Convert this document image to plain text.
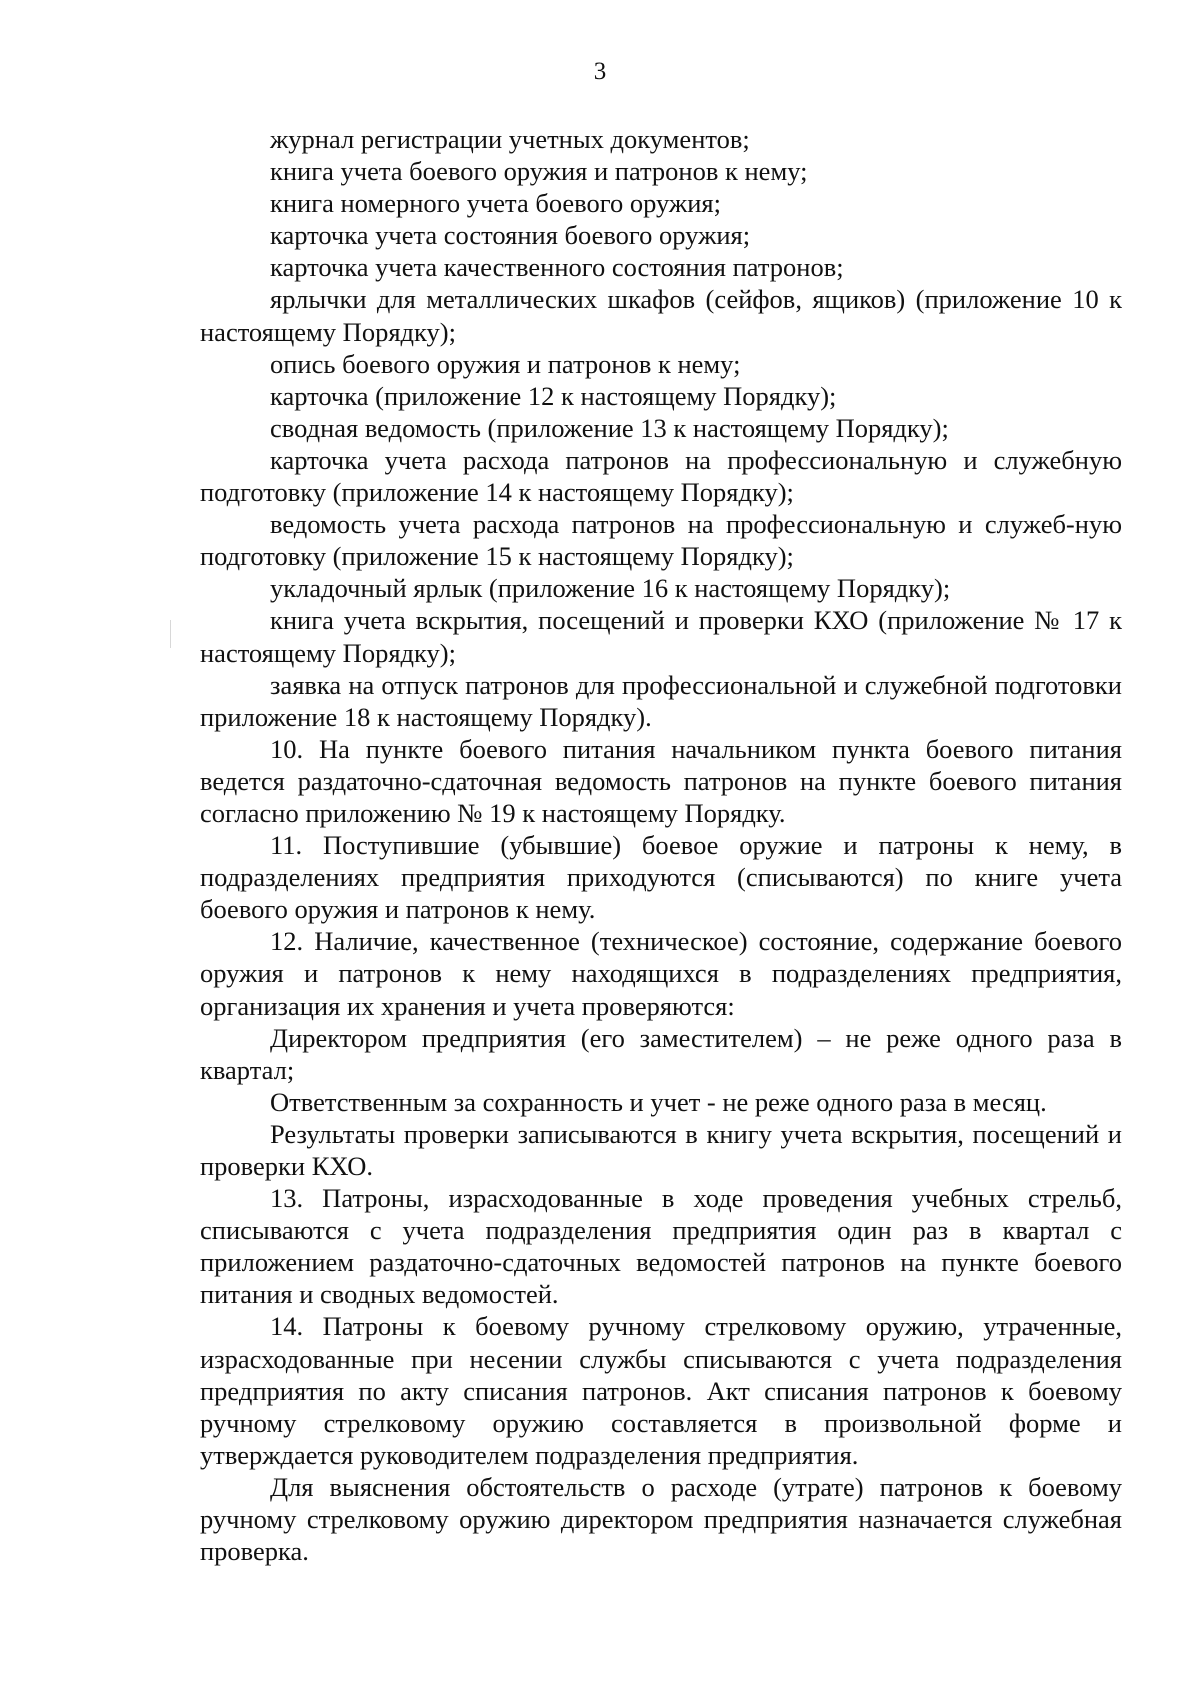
3

журнал регистрации учетных документов;

книга учета боевого оружия и патронов к нему;

книга номерного учета боевого оружия;

карточка учета состояния боевого оружия;

карточка учета качественного состояния патронов;

ярлычки для металлических шкафов (сейфов, ящиков) (приложение 10 к настоящему Порядку);

опись боевого оружия и патронов к нему;

карточка (приложение 12 к настоящему Порядку);

сводная ведомость (приложение 13 к настоящему Порядку);

карточка учета расхода патронов на профессиональную и служебную подготовку (приложение 14 к настоящему Порядку);

ведомость учета расхода патронов на профессиональную и служеб-ную подготовку (приложение 15 к настоящему Порядку);

укладочный ярлык (приложение 16 к настоящему Порядку);

книга учета вскрытия, посещений и проверки КХО (приложение № 17 к настоящему Порядку);

заявка на отпуск патронов для профессиональной и служебной подготовки приложение 18 к настоящему Порядку).

10. На пункте боевого питания начальником пункта боевого питания ведется раздаточно-сдаточная ведомость патронов на пункте боевого питания согласно приложению № 19 к настоящему Порядку.

11. Поступившие (убывшие) боевое оружие и патроны к нему, в подразделениях предприятия приходуются (списываются) по книге учета боевого оружия и патронов к нему.

12. Наличие, качественное (техническое) состояние, содержание боевого оружия и патронов к нему находящихся в подразделениях предприятия, организация их хранения и учета проверяются:

Директором предприятия (его заместителем) – не реже одного раза в квартал;

Ответственным за сохранность и учет - не реже одного раза в месяц.

Результаты проверки записываются в книгу учета вскрытия, посещений и проверки КХО.

13. Патроны, израсходованные в ходе проведения учебных стрельб, списываются с учета подразделения предприятия один раз в квартал с приложением раздаточно-сдаточных ведомостей патронов на пункте боевого питания и сводных ведомостей.

14. Патроны к боевому ручному стрелковому оружию, утраченные, израсходованные при несении службы списываются с учета подразделения предприятия по акту списания патронов. Акт списания патронов к боевому ручному стрелковому оружию составляется в произвольной форме и утверждается руководителем подразделения предприятия.

Для выяснения обстоятельств о расходе (утрате) патронов к боевому ручному стрелковому оружию директором предприятия назначается служебная проверка.
